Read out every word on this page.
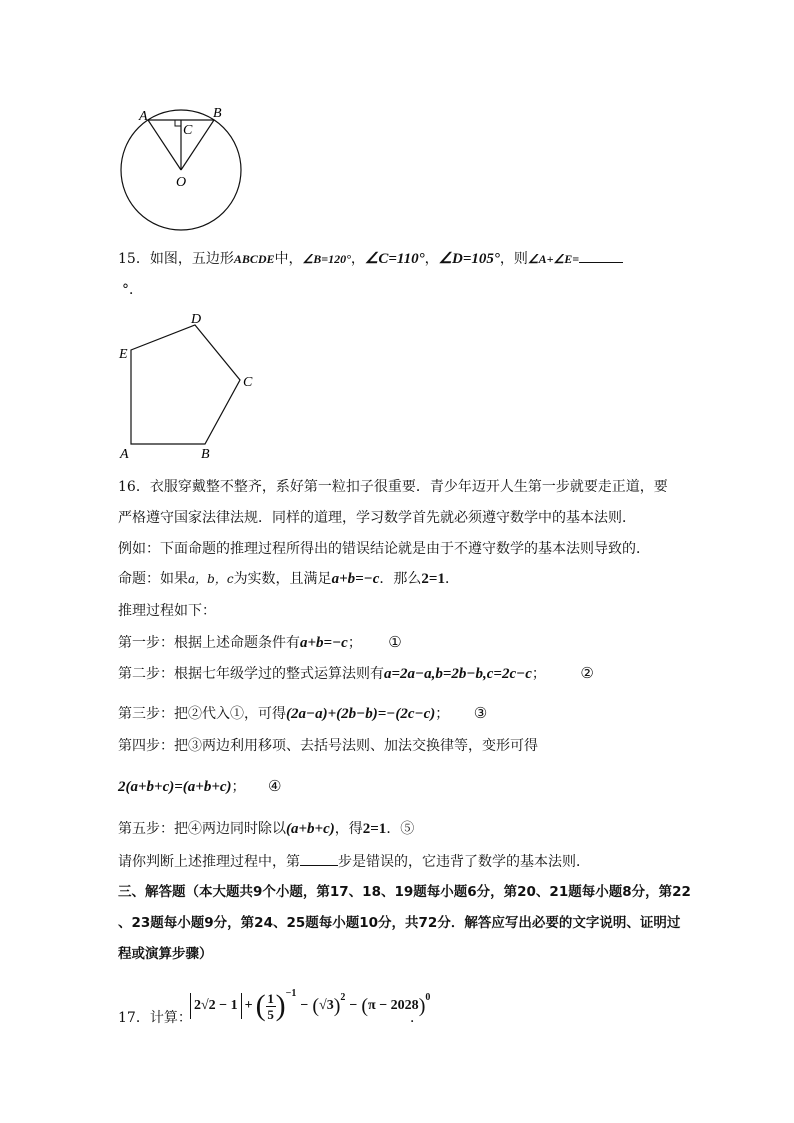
A	B
C
O
15．如图，五边形ABCDE中，∠B=120°，∠C=110°，∠D=105°，则∠A+∠E=
°．
A	B
C
D
E
16．衣服穿戴整不整齐，系好第一粒扣子很重要．青少年迈开人生第一步就要走正道，要
严格遵守国家法律法规．同样的道理，学习数学首先就必须遵守数学中的基本法则．
例如：下面命题的推理过程所得出的错误结论就是由于不遵守数学的基本法则导致的．
命题：如果a，b，c为实数，且满足a+b=−c．那么2=1．
推理过程如下：
第一步：根据上述命题条件有a+b=−c； ①
第二步：根据七年级学过的整式运算法则有a=2a−a,b=2b−b,c=2c−c； ②
第三步：把②代入①，可得(2a−a)+(2b−b)=−(2c−c)； ③
第四步：把③两边利用移项、去括号法则、加法交换律等，变形可得
2(a+b+c)=(a+b+c)； ④
第五步：把④两边同时除以(a+b+c)，得2=1．⑤
请你判断上述推理过程中，第	步是错误的，它违背了数学的基本法则．
三、解答题（本大题共9个小题，第17、18、19题每小题6分，第20、21题每小题8分，第22
、23题每小题9分，第24、25题每小题10分，共72分．解答应写出必要的文字说明、证明过
程或演算步骤）
17．计算：
2√2 − 1 + ( 1
5 )$^{-1}$
− ( √3 )$^2$
− ( π − 2028 )$^0$
．
